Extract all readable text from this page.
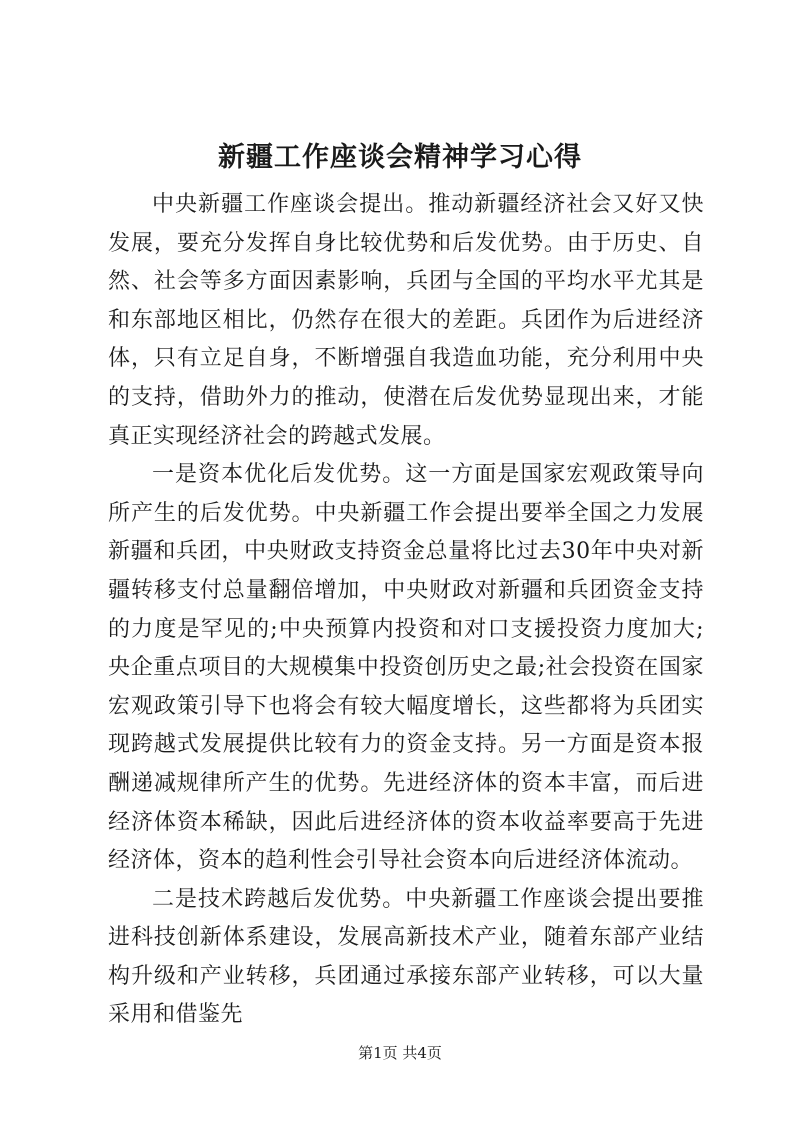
新疆工作座谈会精神学习心得

中央新疆工作座谈会提出。推动新疆经济社会又好又快发展，要充分发挥自身比较优势和后发优势。由于历史、自然、社会等多方面因素影响，兵团与全国的平均水平尤其是和东部地区相比，仍然存在很大的差距。兵团作为后进经济体，只有立足自身，不断增强自我造血功能，充分利用中央的支持，借助外力的推动，使潜在后发优势显现出来，才能真正实现经济社会的跨越式发展。

一是资本优化后发优势。这一方面是国家宏观政策导向所产生的后发优势。中央新疆工作会提出要举全国之力发展新疆和兵团，中央财政支持资金总量将比过去30年中央对新疆转移支付总量翻倍增加，中央财政对新疆和兵团资金支持的力度是罕见的;中央预算内投资和对口支援投资力度加大;央企重点项目的大规模集中投资创历史之最;社会投资在国家宏观政策引导下也将会有较大幅度增长，这些都将为兵团实现跨越式发展提供比较有力的资金支持。另一方面是资本报酬递减规律所产生的优势。先进经济体的资本丰富，而后进经济体资本稀缺，因此后进经济体的资本收益率要高于先进经济体，资本的趋利性会引导社会资本向后进经济体流动。

二是技术跨越后发优势。中央新疆工作座谈会提出要推进科技创新体系建设，发展高新技术产业，随着东部产业结构升级和产业转移，兵团通过承接东部产业转移，可以大量采用和借鉴先

第1页 共4页
